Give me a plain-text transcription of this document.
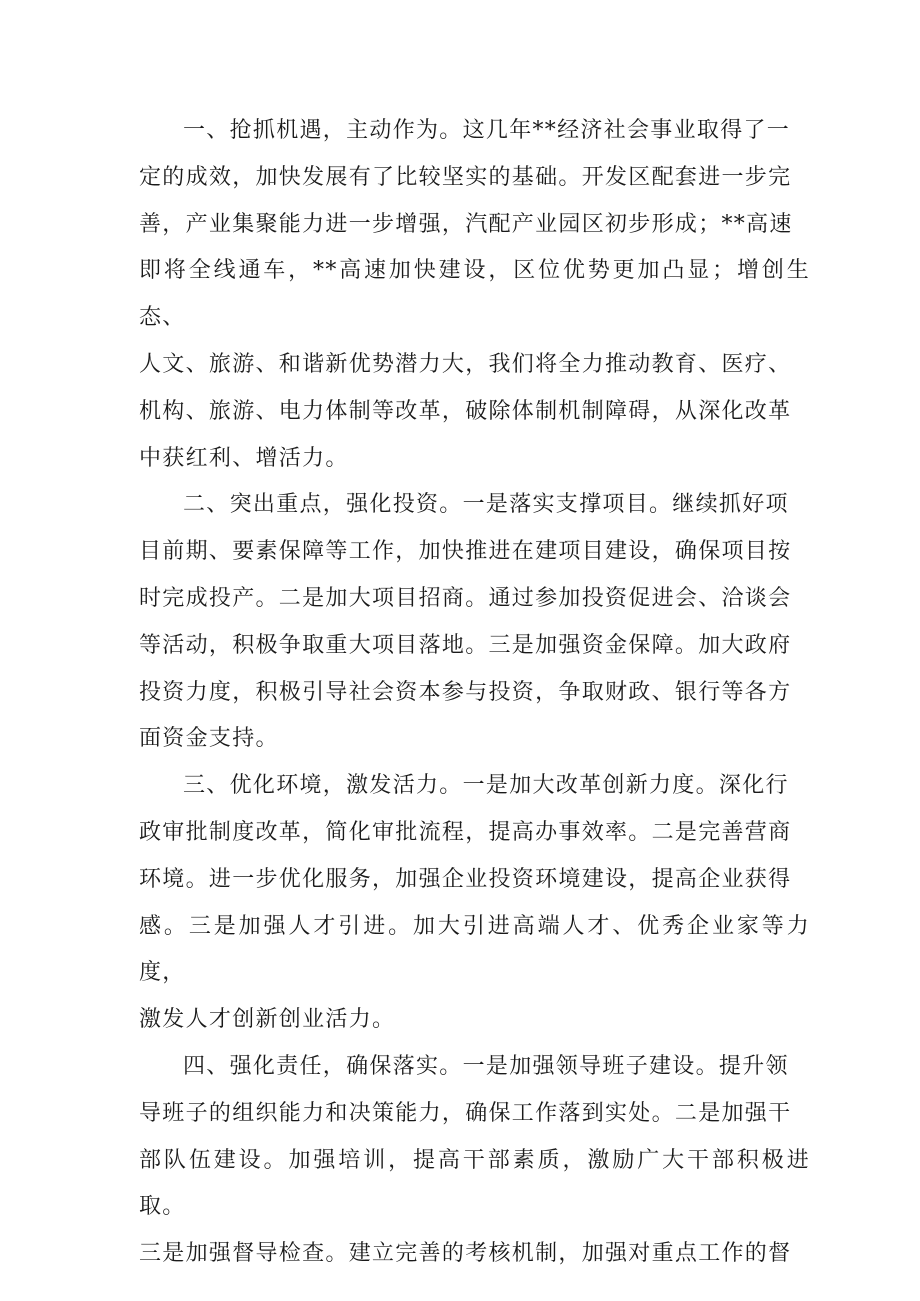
一、抢抓机遇，主动作为。这几年**经济社会事业取得了一
定的成效，加快发展有了比较坚实的基础。开发区配套进一步完
善，产业集聚能力进一步增强，汽配产业园区初步形成；**高速
即将全线通车，**高速加快建设，区位优势更加凸显；增创生态、
人文、旅游、和谐新优势潜力大，我们将全力推动教育、医疗、
机构、旅游、电力体制等改革，破除体制机制障碍，从深化改革
中获红利、增活力。
二、突出重点，强化投资。一是落实支撑项目。继续抓好项
目前期、要素保障等工作，加快推进在建项目建设，确保项目按
时完成投产。二是加大项目招商。通过参加投资促进会、洽谈会
等活动，积极争取重大项目落地。三是加强资金保障。加大政府
投资力度，积极引导社会资本参与投资，争取财政、银行等各方
面资金支持。
三、优化环境，激发活力。一是加大改革创新力度。深化行
政审批制度改革，简化审批流程，提高办事效率。二是完善营商
环境。进一步优化服务，加强企业投资环境建设，提高企业获得
感。三是加强人才引进。加大引进高端人才、优秀企业家等力度，
激发人才创新创业活力。
四、强化责任，确保落实。一是加强领导班子建设。提升领
导班子的组织能力和决策能力，确保工作落到实处。二是加强干
部队伍建设。加强培训，提高干部素质，激励广大干部积极进取。
三是加强督导检查。建立完善的考核机制，加强对重点工作的督
